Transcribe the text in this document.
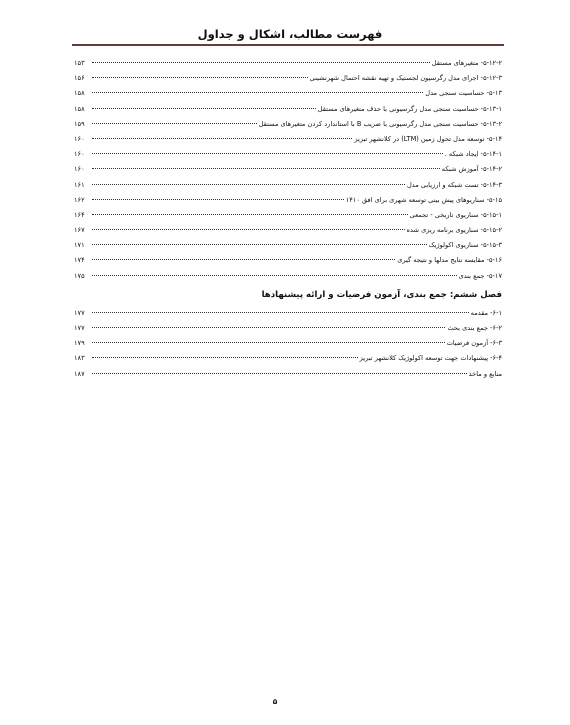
فهرست مطالب، اشکال و جداول
۱۵۳	۵-۱۲-۲- متغیرهای مستقل
۱۵۶	۵-۱۲-۳- اجرای مدل رگرسیون لجستیک و تهیه نقشه احتمال شهرنشینی
۱۵۸	۵-۱۳- حساسیت سنجی مدل
۱۵۸	۵-۱۳-۱- حساسیت سنجی مدل رگرسیونی با حذف متغیرهای مستقل
۱۵۹	۵-۱۳-۲- حساسیت سنجی مدل رگرسیونی با ضریب B با استاندارد کردن متغیرهای مستقل
۱۶۰	۵-۱۴- توسعه مدل تحول زمین (LTM) در کلانشهر تبریز
۱۶۰	۵-۱۴-۱- ایجاد شبکه .
۱۶۰	۵-۱۴-۲- آموزش شبکه
۱۶۱	۵-۱۴-۳- تست شبکه و ارزیابی مدل
۱۶۲	۵-۱۵- سناریوهای پیش بینی توسعه شهری برای افق ۱۴۱۰
۱۶۴	۵-۱۵-۱- سناریوی تاریخی - تجمعی
۱۶۷	۵-۱۵-۲- سناریوی برنامه ریزی شده
۱۷۱	۵-۱۵-۳- سناریوی اکولوژیک
۱۷۴	۵-۱۶- مقایسه نتایج مدلها و نتیجه گیری
۱۷۵	۵-۱۷- جمع بندی
فصل ششم: جمع بندی، آزمون فرضیات و ارائه پیشنهادها
۱۷۷	۶-۱- مقدمه
۱۷۷	۶-۲- جمع بندی بحث
۱۷۹	۶-۳- آزمون فرضیات
۱۸۳	۶-۴- پیشنهادات جهت توسعه اکولوژیک کلانشهر تبریز
۱۸۷	منابع و ماخذ
۵
